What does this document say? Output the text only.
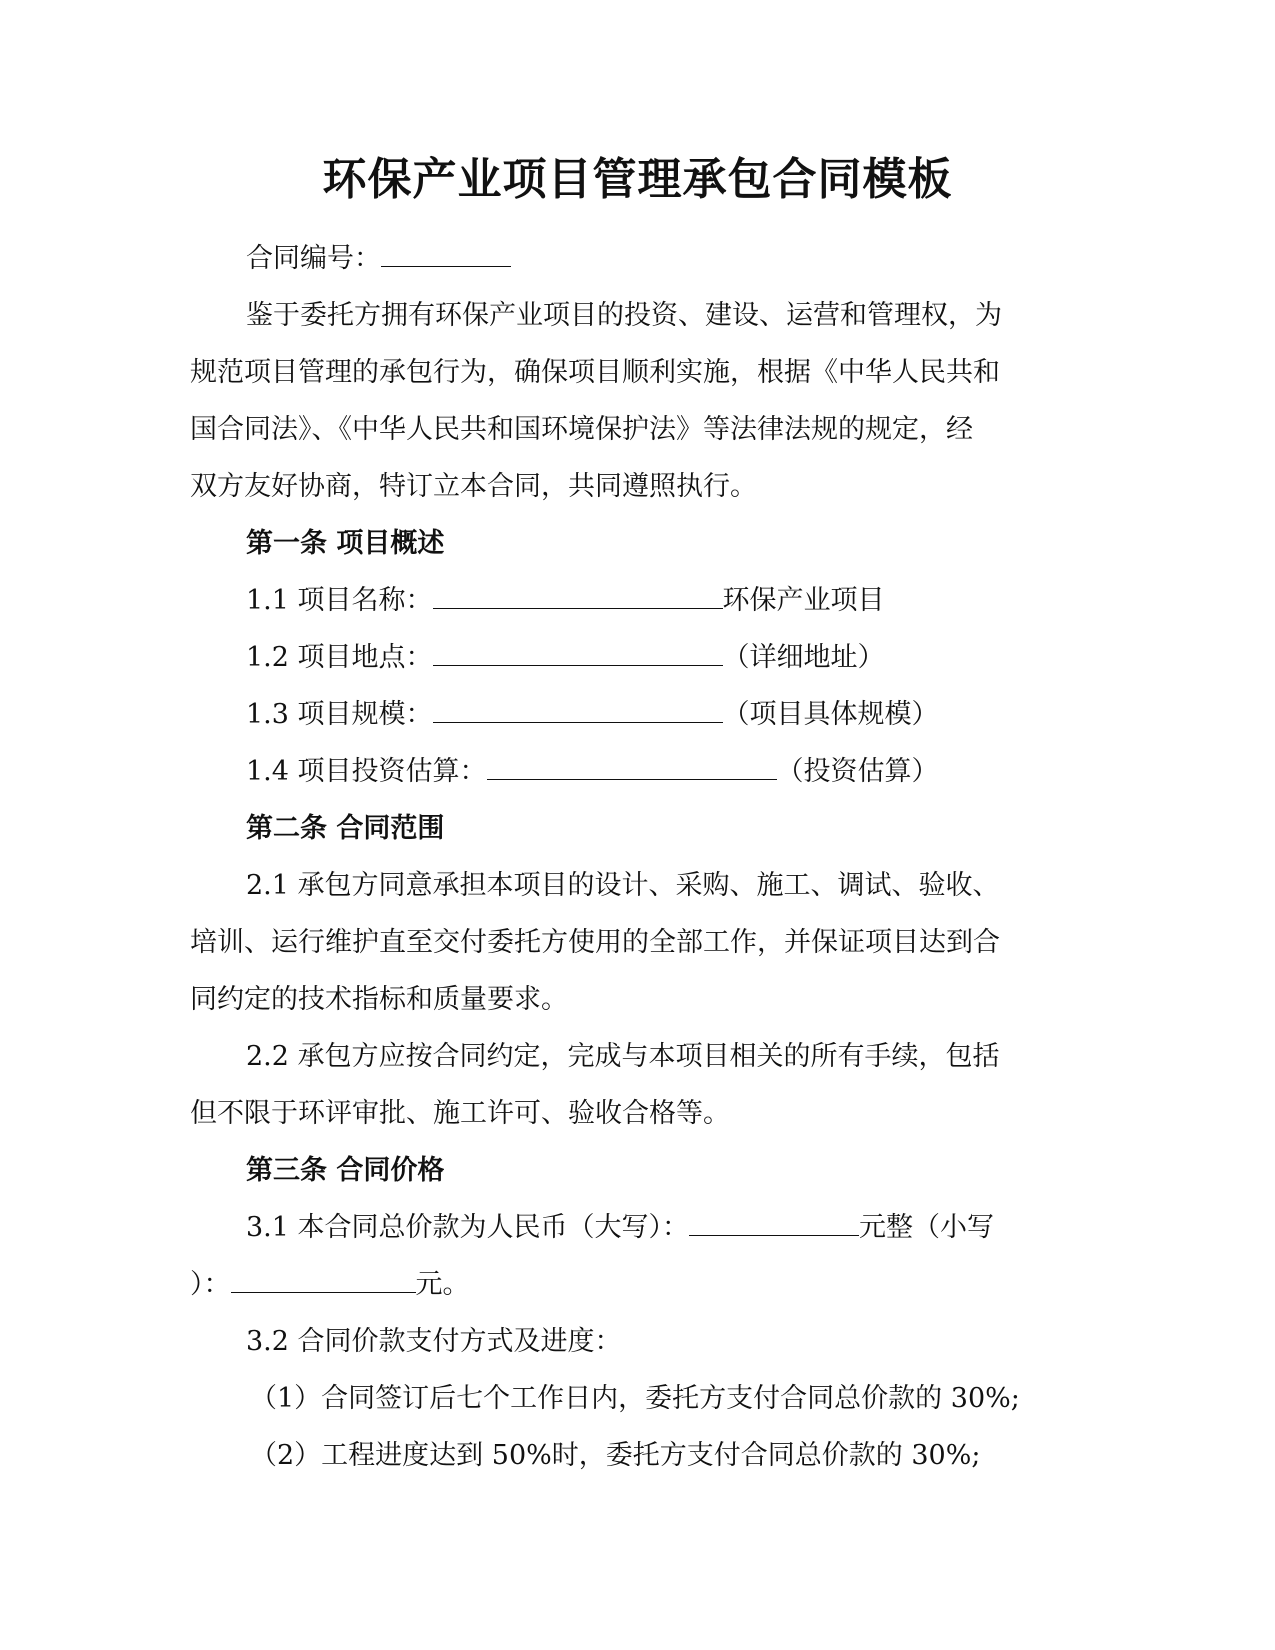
环保产业项目管理承包合同模板
合同编号：
鉴于委托方拥有环保产业项目的投资、建设、运营和管理权，为
规范项目管理的承包行为，确保项目顺利实施，根据《中华人民共和
国合同法》、《中华人民共和国环境保护法》等法律法规的规定，经
双方友好协商，特订立本合同，共同遵照执行。
第一条 项目概述
1.1 项目名称：	环保产业项目
1.2 项目地点：	（详细地址）
1.3 项目规模：	（项目具体规模）
1.4 项目投资估算：	（投资估算）
第二条 合同范围
2.1 承包方同意承担本项目的设计、采购、施工、调试、验收、
培训、运行维护直至交付委托方使用的全部工作，并保证项目达到合
同约定的技术指标和质量要求。
2.2 承包方应按合同约定，完成与本项目相关的所有手续，包括
但不限于环评审批、施工许可、验收合格等。
第三条 合同价格
3.1 本合同总价款为人民币（大写）：	元整（小写
）：	元。
3.2 合同价款支付方式及进度：
（1）合同签订后七个工作日内，委托方支付合同总价款的 30%;
（2）工程进度达到 50%时，委托方支付合同总价款的 30%;
